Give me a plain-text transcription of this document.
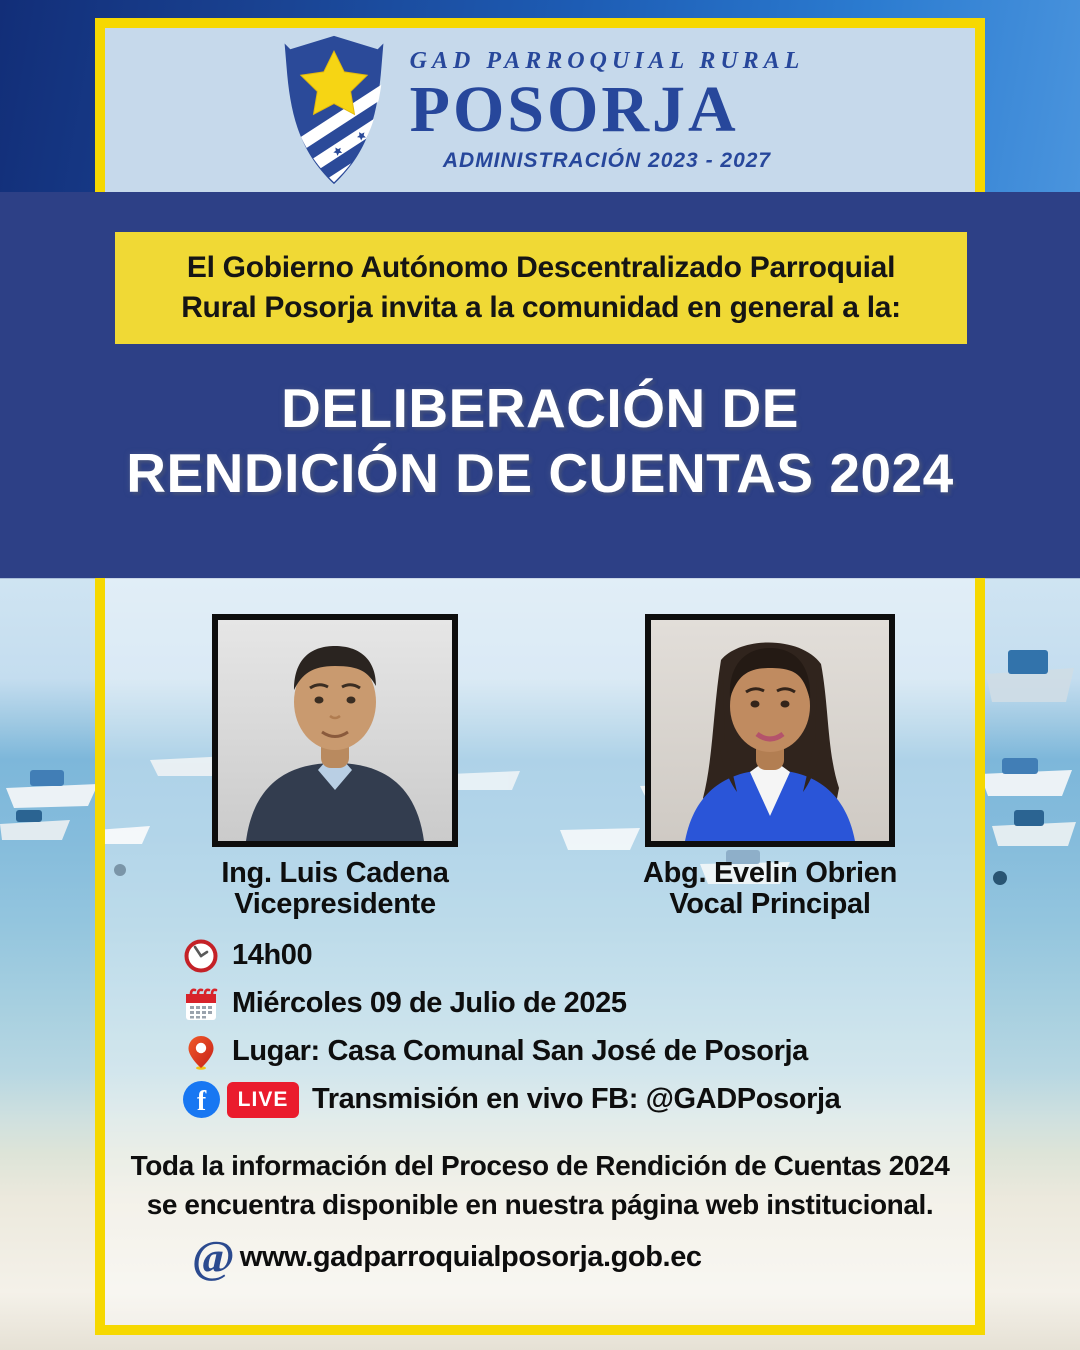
GAD PARROQUIAL RURAL
POSORJA
ADMINISTRACIÓN 2023 - 2027
El Gobierno Autónomo Descentralizado Parroquial
Rural Posorja invita a la comunidad en general a la:
DELIBERACIÓN DE
RENDICIÓN DE CUENTAS 2024
Ing. Luis Cadena
Vicepresidente
Abg. Evelin Obrien
Vocal Principal
14h00
Miércoles 09 de Julio de 2025
Lugar: Casa Comunal San José de Posorja
f	LIVE Transmisión en vivo FB: @GADPosorja
Toda la información del Proceso de Rendición de Cuentas 2024
se encuentra disponible en nuestra página web institucional.
@ www.gadparroquialposorja.gob.ec
